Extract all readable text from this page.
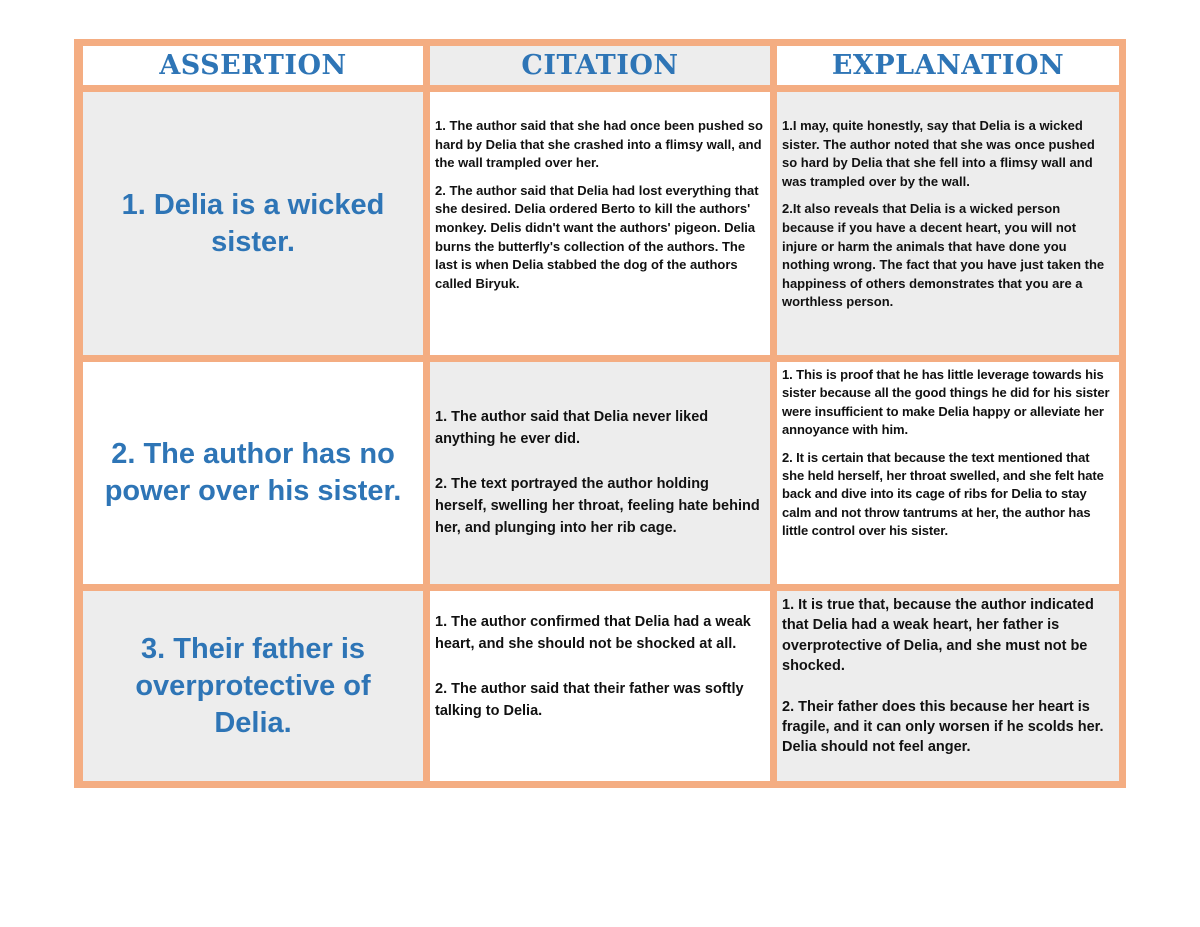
ASSERTION	CITATION	EXPLANATION
1. Delia is a wicked sister.

1. The author said that she had once been pushed so hard by Delia that she crashed into a flimsy wall, and the wall trampled over her.

2. The author said that Delia had lost everything that she desired. Delia ordered Berto to kill the authors' monkey. Delis didn't want the authors' pigeon. Delia burns the butterfly's collection of the authors. The last is when Delia stabbed the dog of the authors called Biryuk.

1.I may, quite honestly, say that Delia is a wicked sister. The author noted that she was once pushed so hard by Delia that she fell into a flimsy wall and was trampled over by the wall.

2.It also reveals that Delia is a wicked person because if you have a decent heart, you will not injure or harm the animals that have done you nothing wrong. The fact that you have just taken the happiness of others demonstrates that you are a worthless person.

2. The author has no power over his sister.

1. The author said that Delia never liked anything he ever did.

2. The text portrayed the author holding herself, swelling her throat, feeling hate behind her, and plunging into her rib cage.

1. This is proof that he has little leverage towards his sister because all the good things he did for his sister were insufficient to make Delia happy or alleviate her annoyance with him.

2. It is certain that because the text mentioned that she held herself, her throat swelled, and she felt hate back and dive into its cage of ribs for Delia to stay calm and not throw tantrums at her, the author has little control over his sister.

3. Their father is overprotective of Delia.

1. The author confirmed that Delia had a weak heart, and she should not be shocked at all.

2. The author said that their father was softly talking to Delia.

1. It is true that, because the author indicated that Delia had a weak heart, her father is overprotective of Delia, and she must not be shocked.

2. Their father does this because her heart is fragile, and it can only worsen if he scolds her. Delia should not feel anger.
